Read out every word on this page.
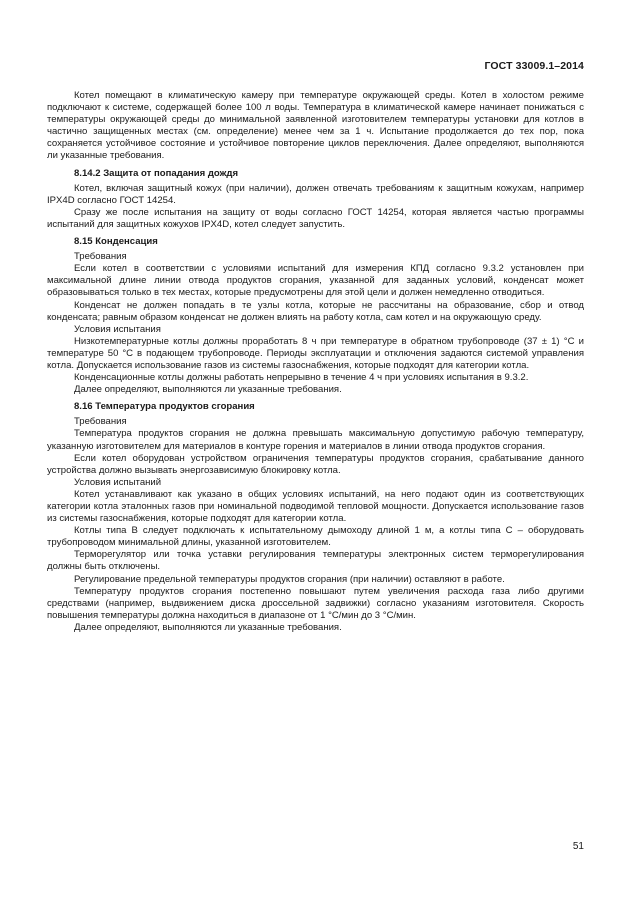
ГОСТ 33009.1–2014

Котел помещают в климатическую камеру при температуре окружающей среды. Котел в холостом режиме подключают к системе, содержащей более 100 л воды. Температура в климатической камере начинает понижаться с температуры окружающей среды до минимальной заявленной изготовителем температуры установки для котлов в частично защищенных местах (см. определение) менее чем за 1 ч. Испытание продолжается до тех пор, пока сохраняется устойчивое состояние и устойчивое повторение циклов переключения. Далее определяют, выполняются ли указанные требования.

8.14.2 Защита от попадания дождя

Котел, включая защитный кожух (при наличии), должен отвечать требованиям к защитным кожухам, например IPX4D согласно ГОСТ 14254.

Сразу же после испытания на защиту от воды согласно ГОСТ 14254, которая является частью программы испытаний для защитных кожухов IPX4D, котел следует запустить.

8.15 Конденсация

Требования

Если котел в соответствии с условиями испытаний для измерения КПД согласно 9.3.2 установлен при максимальной длине линии отвода продуктов сгорания, указанной для заданных условий, конденсат может образовываться только в тех местах, которые предусмотрены для этой цели и должен немедленно отводиться.

Конденсат не должен попадать в те узлы котла, которые не рассчитаны на образование, сбор и отвод конденсата; равным образом конденсат не должен влиять на работу котла, сам котел и на окружающую среду.

Условия испытания

Низкотемпературные котлы должны проработать 8 ч при температуре в обратном трубопроводе (37 ± 1) °С и температуре 50 °С в подающем трубопроводе. Периоды эксплуатации и отключения задаются системой управления котла. Допускается использование газов из системы газоснабжения, которые подходят для категории котла.

Конденсационные котлы должны работать непрерывно в течение 4 ч при условиях испытания в 9.3.2.

Далее определяют, выполняются ли указанные требования.

8.16 Температура продуктов сгорания

Требования

Температура продуктов сгорания не должна превышать максимальную допустимую рабочую температуру, указанную изготовителем для материалов в контуре горения и материалов в линии отвода продуктов сгорания.

Если котел оборудован устройством ограничения температуры продуктов сгорания, срабатывание данного устройства должно вызывать энергозависимую блокировку котла.

Условия испытаний

Котел устанавливают как указано в общих условиях испытаний, на него подают один из соответствующих категории котла эталонных газов при номинальной подводимой тепловой мощности. Допускается использование газов из системы газоснабжения, которые подходят для категории котла.

Котлы типа В следует подключать к испытательному дымоходу длиной 1 м, а котлы типа С – оборудовать трубопроводом минимальной длины, указанной изготовителем.

Терморегулятор или точка уставки регулирования температуры электронных систем терморегулирования должны быть отключены.

Регулирование предельной температуры продуктов сгорания (при наличии) оставляют в работе.

Температуру продуктов сгорания постепенно повышают путем увеличения расхода газа либо другими средствами (например, выдвижением диска дроссельной задвижки) согласно указаниям изготовителя. Скорость повышения температуры должна находиться в диапазоне от 1 °С/мин до 3 °С/мин.

Далее определяют, выполняются ли указанные требования.

51
